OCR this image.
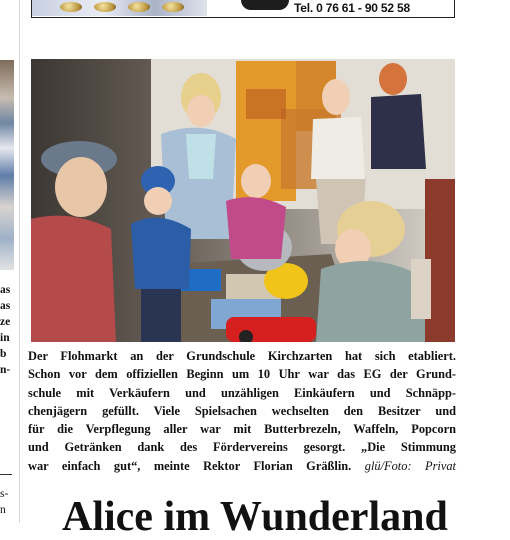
as
as
ze
in
b
n-
s-
n
Tel. 0 76 61 - 90 52 58
Der Flohmarkt an der Grundschule Kirchzarten hat sich etabliert.
Schon vor dem offiziellen Beginn um 10 Uhr war das EG der Grund-
schule mit Verkäufern und unzähligen Einkäufern und Schnäpp-
chenjägern gefüllt. Viele Spielsachen wechselten den Besitzer und
für die Verpflegung aller war mit Butterbrezeln, Waffeln, Popcorn
und Getränken dank des Fördervereins gesorgt. „Die Stimmung
war einfach gut“, meinte Rektor Florian Gräßlin. glü/Foto: Privat
Alice im Wunderland
